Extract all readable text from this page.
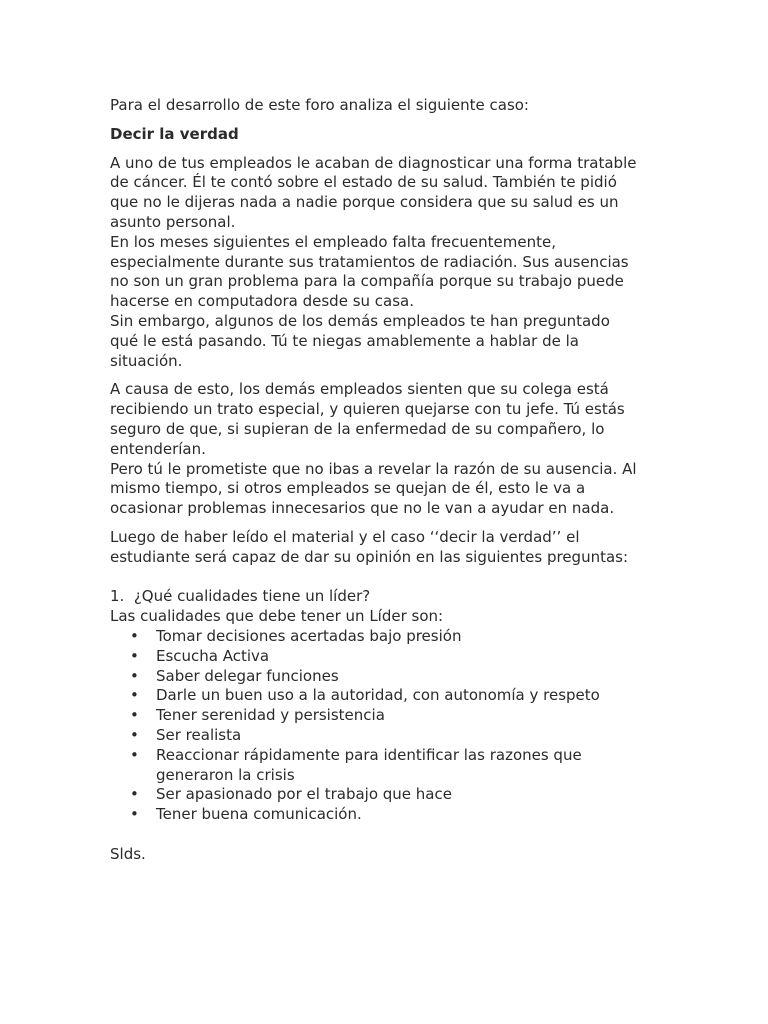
Para el desarrollo de este foro analiza el siguiente caso:

Decir la verdad

A uno de tus empleados le acaban de diagnosticar una forma tratable
de cáncer. Él te contó sobre el estado de su salud. También te pidió
que no le dijeras nada a nadie porque considera que su salud es un
asunto personal.
En los meses siguientes el empleado falta frecuentemente,
especialmente durante sus tratamientos de radiación. Sus ausencias
no son un gran problema para la compañía porque su trabajo puede
hacerse en computadora desde su casa.
Sin embargo, algunos de los demás empleados te han preguntado
qué le está pasando. Tú te niegas amablemente a hablar de la
situación.

A causa de esto, los demás empleados sienten que su colega está
recibiendo un trato especial, y quieren quejarse con tu jefe. Tú estás
seguro de que, si supieran de la enfermedad de su compañero, lo
entenderían.
Pero tú le prometiste que no ibas a revelar la razón de su ausencia. Al
mismo tiempo, si otros empleados se quejan de él, esto le va a
ocasionar problemas innecesarios que no le van a ayudar en nada.

Luego de haber leído el material y el caso ‘‘decir la verdad’’ el
estudiante será capaz de dar su opinión en las siguientes preguntas:

1.  ¿Qué cualidades tiene un líder?

Las cualidades que debe tener un Líder son:

• Tomar decisiones acertadas bajo presión
• Escucha Activa
• Saber delegar funciones
• Darle un buen uso a la autoridad, con autonomía y respeto
• Tener serenidad y persistencia
• Ser realista
• Reaccionar rápidamente para identificar las razones que
generaron la crisis
• Ser apasionado por el trabajo que hace
• Tener buena comunicación.

Slds.
